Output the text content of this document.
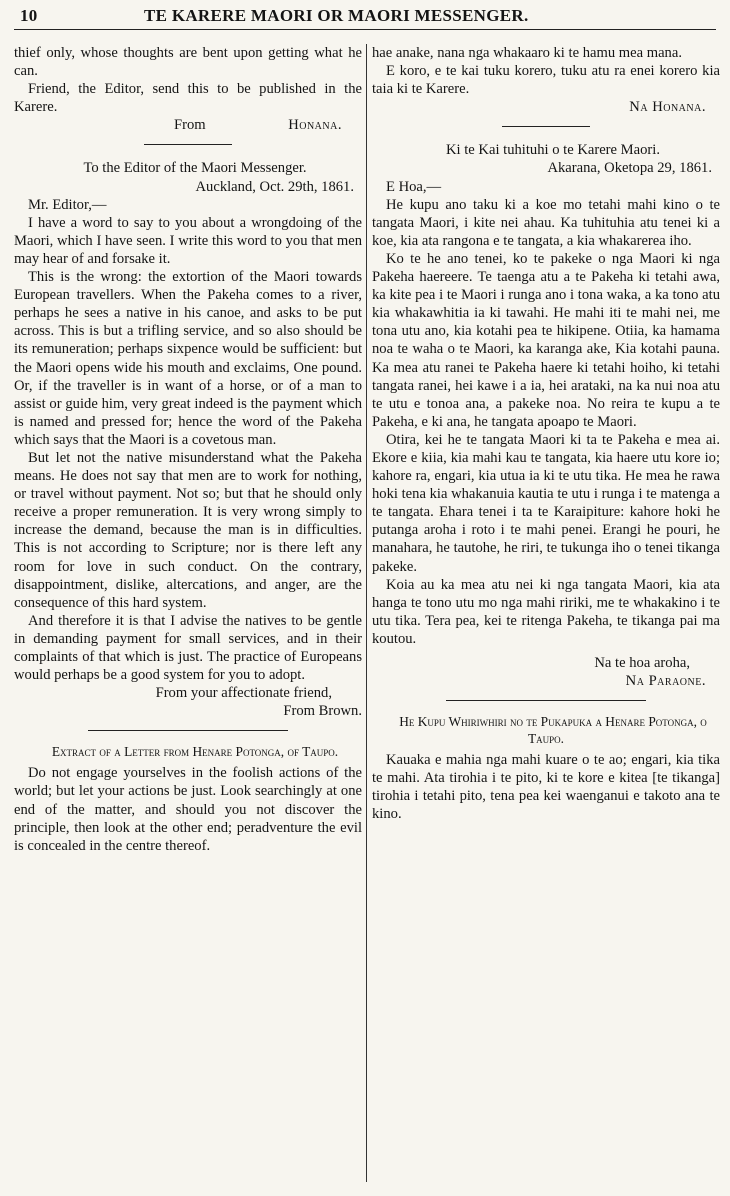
10	TE KARERE MAORI OR MAORI MESSENGER.

thief only, whose thoughts are bent upon getting what he can.

Friend, the Editor, send this to be published in the Karere.

From	Honana.

To the Editor of the Maori Messenger.

Auckland, Oct. 29th, 1861.

Mr. Editor,—

I have a word to say to you about a wrongdoing of the Maori, which I have seen. I write this word to you that men may hear of and forsake it.

This is the wrong: the extortion of the Maori towards European travellers. When the Pakeha comes to a river, perhaps he sees a native in his canoe, and asks to be put across. This is but a trifling service, and so also should be its remuneration; perhaps sixpence would be sufficient: but the Maori opens wide his mouth and exclaims, One pound. Or, if the traveller is in want of a horse, or of a man to assist or guide him, very great indeed is the payment which is named and pressed for; hence the word of the Pakeha which says that the Maori is a covetous man.

But let not the native misunderstand what the Pakeha means. He does not say that men are to work for nothing, or travel without payment. Not so; but that he should only receive a proper remuneration. It is very wrong simply to increase the demand, because the man is in difficulties. This is not according to Scripture; nor is there left any room for love in such conduct. On the contrary, disappointment, dislike, altercations, and anger, are the consequence of this hard system.

And therefore it is that I advise the natives to be gentle in demanding payment for small services, and in their complaints of that which is just. The practice of Europeans would perhaps be a good system for you to adopt.

From your affectionate friend,

From Brown.

Extract of a Letter from Henare Potonga, of Taupo.

Do not engage yourselves in the foolish actions of the world; but let your actions be just. Look searchingly at one end of the matter, and should you not discover the principle, then look at the other end; peradventure the evil is concealed in the centre thereof.

hae anake, nana nga whakaaro ki te hamu mea mana.

E koro, e te kai tuku korero, tuku atu ra enei korero kia taia ki te Karere.

Na Honana.

Ki te Kai tuhituhi o te Karere Maori.

Akarana, Oketopa 29, 1861.

E Hoa,—

He kupu ano taku ki a koe mo tetahi mahi kino o te tangata Maori, i kite nei ahau. Ka tuhituhia atu tenei ki a koe, kia ata rangona e te tangata, a kia whakarerea iho.

Ko te he ano tenei, ko te pakeke o nga Maori ki nga Pakeha haereere. Te taenga atu a te Pakeha ki tetahi awa, ka kite pea i te Maori i runga ano i tona waka, a ka tono atu kia whakawhitia ia ki tawahi. He mahi iti te mahi nei, me tona utu ano, kia kotahi pea te hikipene. Otiia, ka hamama noa te waha o te Maori, ka karanga ake, Kia kotahi pauna. Ka mea atu ranei te Pakeha haere ki tetahi hoiho, ki tetahi tangata ranei, hei kawe i a ia, hei arataki, na ka nui noa atu te utu e tonoa ana, a pakeke noa. No reira te kupu a te Pakeha, e ki ana, he tangata apoapo te Maori.

Otira, kei he te tangata Maori ki ta te Pakeha e mea ai. Ekore e kiia, kia mahi kau te tangata, kia haere utu kore io; kahore ra, engari, kia utua ia ki te utu tika. He mea he rawa hoki tena kia whakanuia kautia te utu i runga i te matenga a te tangata. Ehara tenei i ta te Karaipiture: kahore hoki he putanga aroha i roto i te mahi penei. Erangi he pouri, he manahara, he tautohe, he riri, te tukunga iho o tenei tikanga pakeke.

Koia au ka mea atu nei ki nga tangata Maori, kia ata hanga te tono utu mo nga mahi ririki, me te whakakino i te utu tika. Tera pea, kei te ritenga Pakeha, te tikanga pai ma koutou.

Na te hoa aroha,

Na Paraone.

He Kupu Whiriwhiri no te Pukapuka a Henare Potonga, o Taupo.

Kauaka e mahia nga mahi kuare o te ao; engari, kia tika te mahi. Ata tirohia i te pito, ki te kore e kitea [te tikanga] tirohia i tetahi pito, tena pea kei waenganui e takoto ana te kino.
